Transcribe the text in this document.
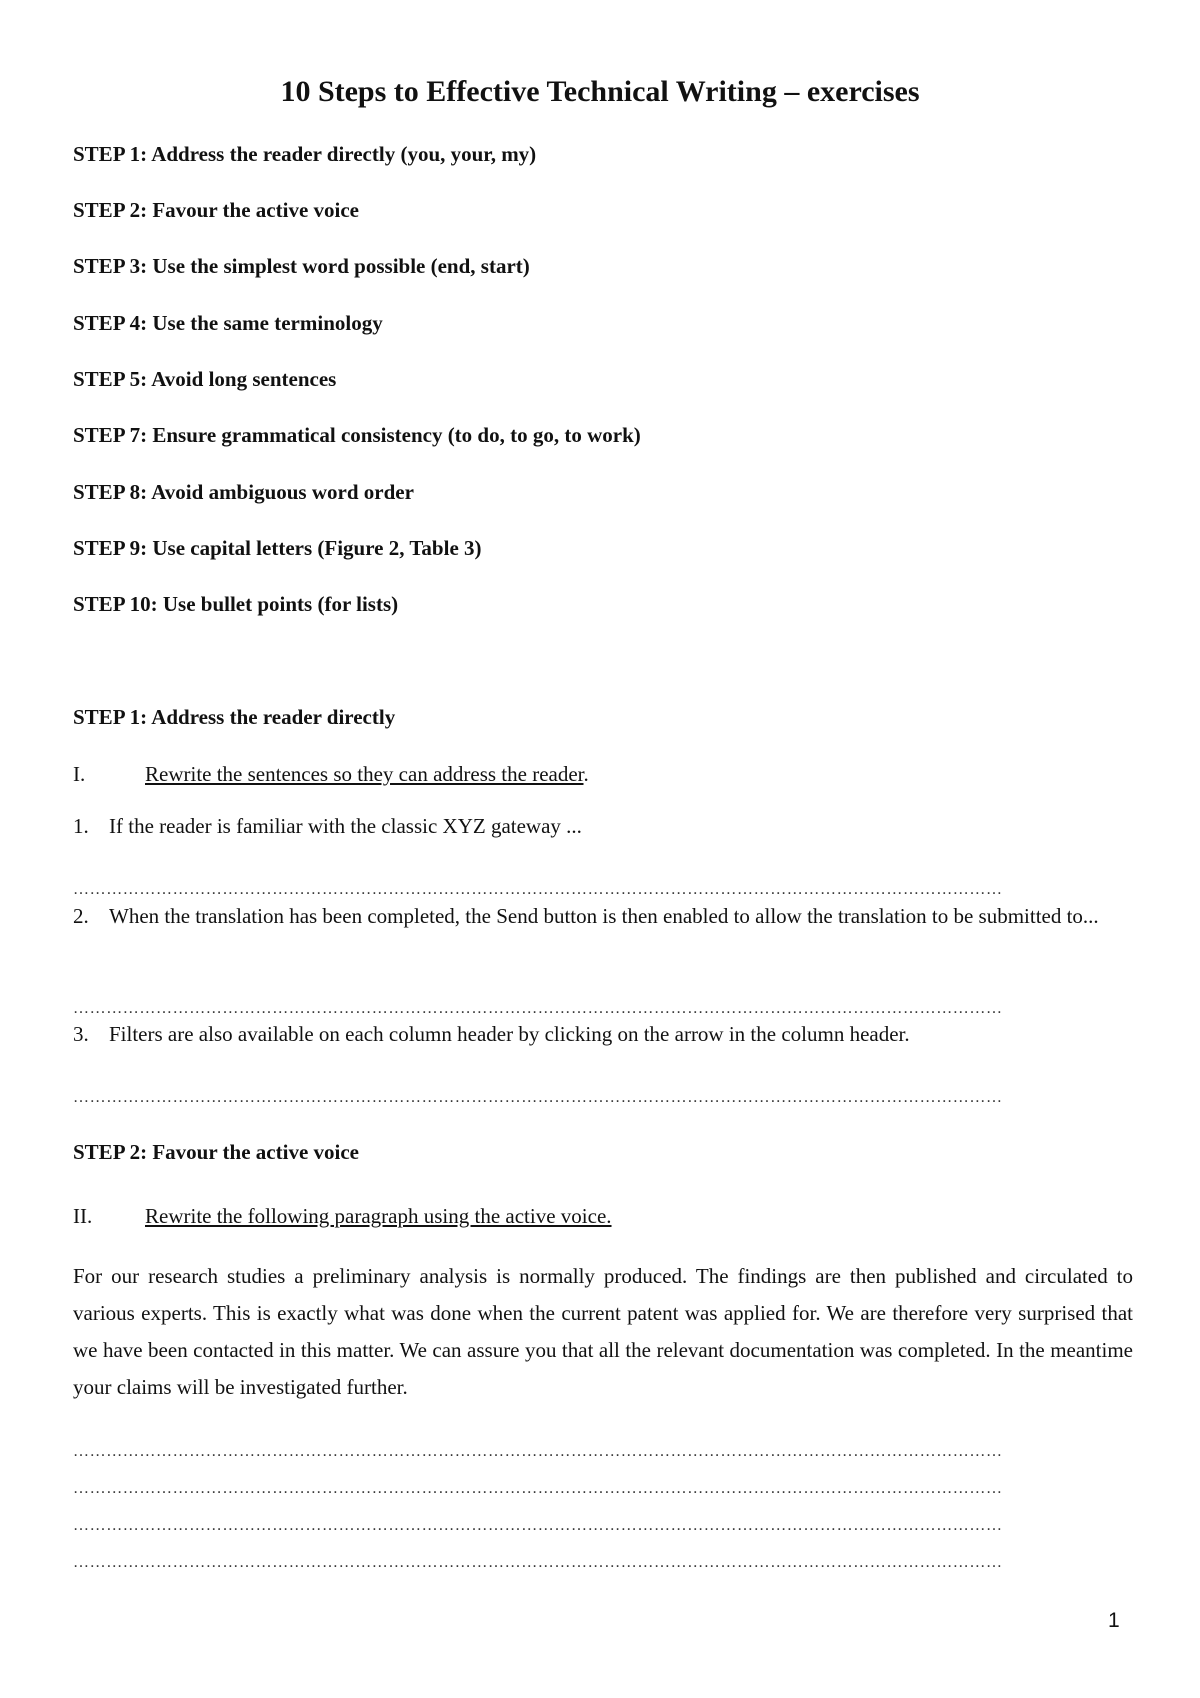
10 Steps to Effective Technical Writing – exercises
STEP 1: Address the reader directly (you, your, my)
STEP 2: Favour the active voice
STEP 3: Use the simplest word possible (end, start)
STEP 4: Use the same terminology
STEP 5: Avoid long sentences
STEP 7: Ensure grammatical consistency (to do, to go, to work)
STEP 8: Avoid ambiguous word order
STEP 9: Use capital letters (Figure 2, Table 3)
STEP 10: Use bullet points (for lists)
STEP 1: Address the reader directly
I.	Rewrite the sentences so they can address the reader.
1. If the reader is familiar with the classic XYZ gateway ...
……………………………………………………………………………………………………………………………………………………
2. When the translation has been completed, the Send button is then enabled to allow the translation to be submitted to...
……………………………………………………………………………………………………………………………………………………
3. Filters are also available on each column header by clicking on the arrow in the column header.
……………………………………………………………………………………………………………………………………………………
STEP 2: Favour the active voice
II.	Rewrite the following paragraph using the active voice.
For our research studies a preliminary analysis is normally produced. The findings are then published and circulated to various experts. This is exactly what was done when the current patent was applied for. We are therefore very surprised that we have been contacted in this matter. We can assure you that all the relevant documentation was completed. In the meantime your claims will be investigated further.
……………………………………………………………………………………………………………………………………………………
……………………………………………………………………………………………………………………………………………………
……………………………………………………………………………………………………………………………………………………
……………………………………………………………………………………………………………………………………………………
1
